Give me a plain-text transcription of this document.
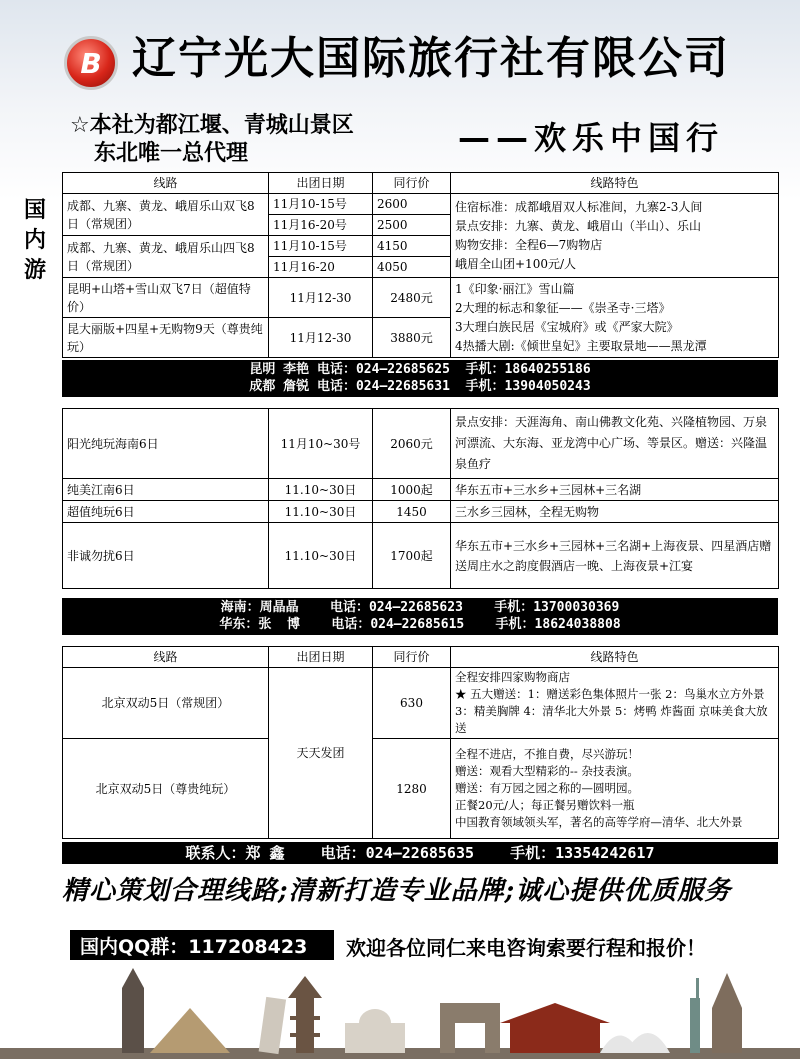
B 辽宁光大国际旅行社有限公司
☆本社为都江堰、青城山景区
东北唯一总代理	——欢乐中国行
国内游
线路	出团日期	同行价	线路特色
成都、九寨、黄龙、峨眉乐山双飞8日（常规团）	11月10-15号	2600	住宿标准：成都峨眉双人标准间，九寨2-3人间
景点安排：九寨、黄龙、峨眉山（半山）、乐山
购物安排：全程6—7购物店
峨眉全山团+100元/人

	11月16-20号	2500	
成都、九寨、黄龙、峨眉乐山四飞8日（常规团）	11月10-15号	4150	
	11月16-20	4050	
昆明+山塔+雪山双飞7日（超值特价）	11月12-30	2480元	1《印象·丽江》雪山篇
2大理的标志和象征——《崇圣寺·三塔》
3大理白族民居《宝城府》或《严家大院》
4热播大剧:《倾世皇妃》主要取景地——黑龙潭

昆大丽版+四星+无购物9天（尊贵纯玩）	11月12-30	3880元	
昆明 李艳 电话：024—22685625  手机：18640255186
成都 詹锐 电话：024—22685631  手机：13904050243
阳光纯玩海南6日	11月10~30号	2060元	景点安排：天涯海角、南山佛教文化苑、兴隆植物园、万泉河漂流、大东海、亚龙湾中心广场、等景区。赠送：兴隆温泉鱼疗
纯美江南6日	11.10~30日	1000起	华东五市+三水乡+三园林+三名湖
超值纯玩6日	11.10~30日	1450	三水乡三园林，全程无购物
非诚勿扰6日	11.10~30日	1700起	华东五市+三水乡+三园林+三名湖+上海夜景、四星酒店赠送周庄水之韵度假酒店一晚、上海夜景+江宴
海南：周晶晶    电话：024—22685623    手机：13700030369
华东：张  博    电话：024—22685615    手机：18624038808
线路	出团日期	同行价	线路特色
北京双动5日（常规团）	天天发团	630	全程安排四家购物商店
★ 五大赠送：1：赠送彩色集体照片一张 2：鸟巢水立方外景 3：精美胸牌 4：清华北大外景 5：烤鸭 炸酱面 京味美食大放送
北京双动5日（尊贵纯玩）		1280	全程不进店，不推自费，尽兴游玩！
赠送：观看大型精彩的-- 杂技表演。
赠送：有万园之园之称的—圆明园。
正餐20元/人；每正餐另赠饮料一瓶
中国教育领域领头军，著名的高等学府—清华、北大外景
联系人：郑 鑫    电话：024—22685635    手机：13354242617
精心策划合理线路;清新打造专业品牌;诚心提供优质服务
国内QQ群：117208423	欢迎各位同仁来电咨询索要行程和报价！
